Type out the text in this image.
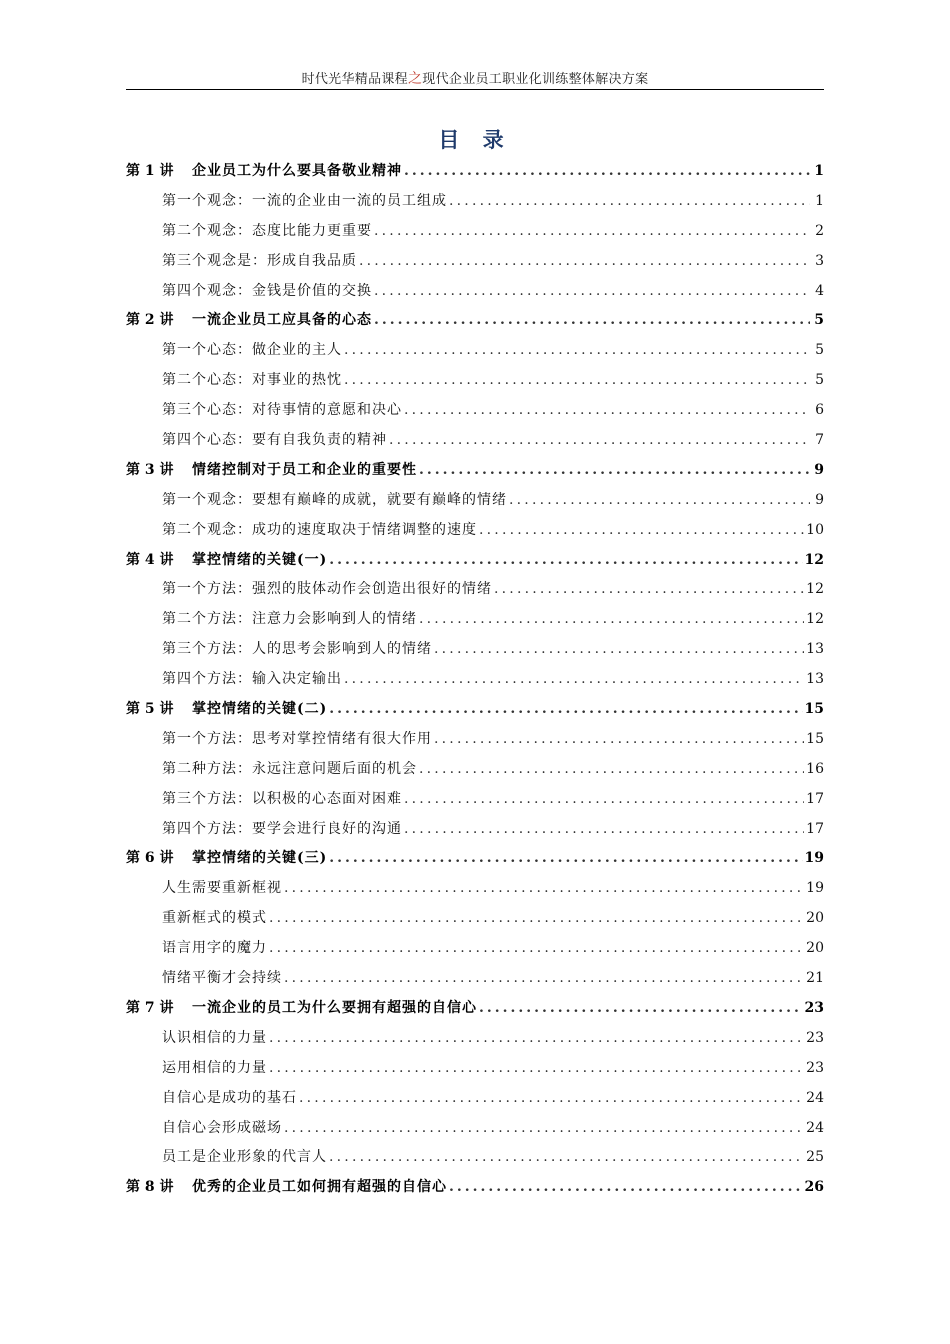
时代光华精品课程之现代企业员工职业化训练整体解决方案
目 录
第 1 讲	企业员工为什么要具备敬业精神 .....	1
第一个观念：一流的企业由一流的员工组成 .....	1
第二个观念：态度比能力更重要 .....	2
第三个观念是：形成自我品质 .....	3
第四个观念：金钱是价值的交换 .....	4
第 2 讲	一流企业员工应具备的心态 .....	5
第一个心态：做企业的主人 .....	5
第二个心态：对事业的热忱 .....	5
第三个心态：对待事情的意愿和决心 .....	6
第四个心态：要有自我负责的精神 .....	7
第 3 讲	情绪控制对于员工和企业的重要性 .....	9
第一个观念：要想有巅峰的成就，就要有巅峰的情绪 .....	9
第二个观念：成功的速度取决于情绪调整的速度 .....	10
第 4 讲	掌控情绪的关键(一) .....	12
第一个方法：强烈的肢体动作会创造出很好的情绪 .....	12
第二个方法：注意力会影响到人的情绪 .....	12
第三个方法：人的思考会影响到人的情绪 .....	13
第四个方法：输入决定输出 .....	13
第 5 讲	掌控情绪的关键(二) .....	15
第一个方法：思考对掌控情绪有很大作用 .....	15
第二种方法：永远注意问题后面的机会 .....	16
第三个方法：以积极的心态面对困难 .....	17
第四个方法：要学会进行良好的沟通 .....	17
第 6 讲	掌控情绪的关键(三) .....	19
人生需要重新框视 .....	19
重新框式的模式 .....	20
语言用字的魔力 .....	20
情绪平衡才会持续 .....	21
第 7 讲	一流企业的员工为什么要拥有超强的自信心 .....	23
认识相信的力量 .....	23
运用相信的力量 .....	23
自信心是成功的基石 .....	24
自信心会形成磁场 .....	24
员工是企业形象的代言人 .....	25
第 8 讲	优秀的企业员工如何拥有超强的自信心 .....	26
